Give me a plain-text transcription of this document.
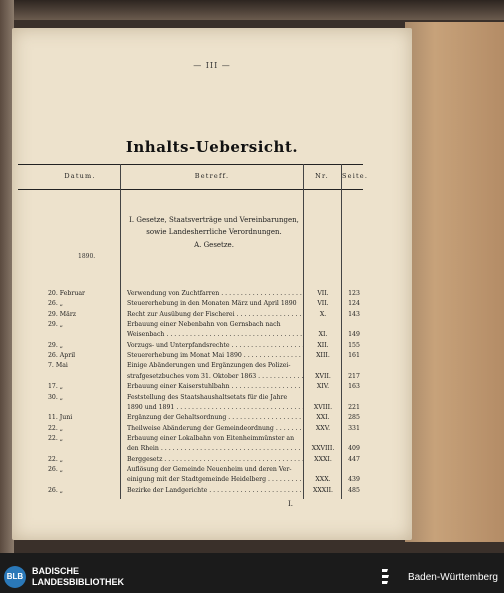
— III —
Inhalts-Uebersicht.
Datum.	Betreff.	Nr.	Seite.
I. Gesetze, Staatsverträge und Vereinbarungen,
sowie Landesherrliche Verordnungen.
A. Gesetze.
1890.
20. Februar	Verwendung von Zuchtfarren . . .	VII.	123
26. „	Steuererhebung in den Monaten März und April 1890	VII.	124
29. März	Recht zur Ausübung der Fischerei . . .	X.	143
29. „	Erbauung einer Nebenbahn von Gernsbach nach
Weisenbach . . .	XI.	149
29. „	Vorzugs- und Unterpfandsrechte . . .	XII.	155
26. April	Steuererhebung im Monat Mai 1890 . . .	XIII.	161
7. Mai	Einige Abänderungen und Ergänzungen des Polizei-
strafgesetzbuches vom 31. Oktober 1863 . . .	XVII.	217
17. „	Erbauung einer Kaiserstuhlbahn . . .	XIV.	163
30. „	Feststellung des Staatshaushaltsetats für die Jahre
1890 und 1891 . . .	XVIII.	221
11. Juni	Ergänzung der Gehaltsordnung . . .	XXI.	285
22. „	Theilweise Abänderung der Gemeindeordnung . . .	XXV.	331
22. „	Erbauung einer Lokalbahn von Eitenheimmünster an
den Rhein . . .	XXVIII.	409
22. „	Berggesetz . . .	XXXI.	447
26. „	Auflösung der Gemeinde Neuenheim und deren Ver-
einigung mit der Stadtgemeinde Heidelberg . . .	XXX.	439
26. „	Bezirke der Landgerichte . . .	XXXII.	485
I.
BLB
BADISCHE
LANDESBIBLIOTHEK	Baden-Württemberg
